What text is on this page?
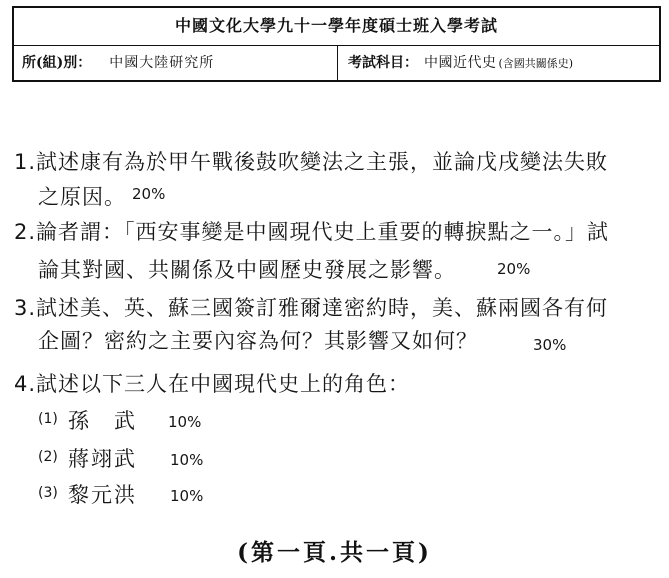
中國文化大學九十一學年度碩士班入學考試
所(組)別： 中國大陸研究所	考試科目： 中國近代史 (含國共關係史)
1.試述康有為於甲午戰後鼓吹變法之主張，並論戊戌變法失敗
之原因。 20%
2.論者謂：「西安事變是中國現代史上重要的轉捩點之一。」試
論其對國、共關係及中國歷史發展之影響。	20%
3.試述美、英、蘇三國簽訂雅爾達密約時，美、蘇兩國各有何
企圖？密約之主要內容為何？其影響又如何？	30%
4.試述以下三人在中國現代史上的角色：
(1) 孫　武 10%
(2) 蔣翊武 10%
(3) 黎元洪 10%
(第一頁.共一頁)
